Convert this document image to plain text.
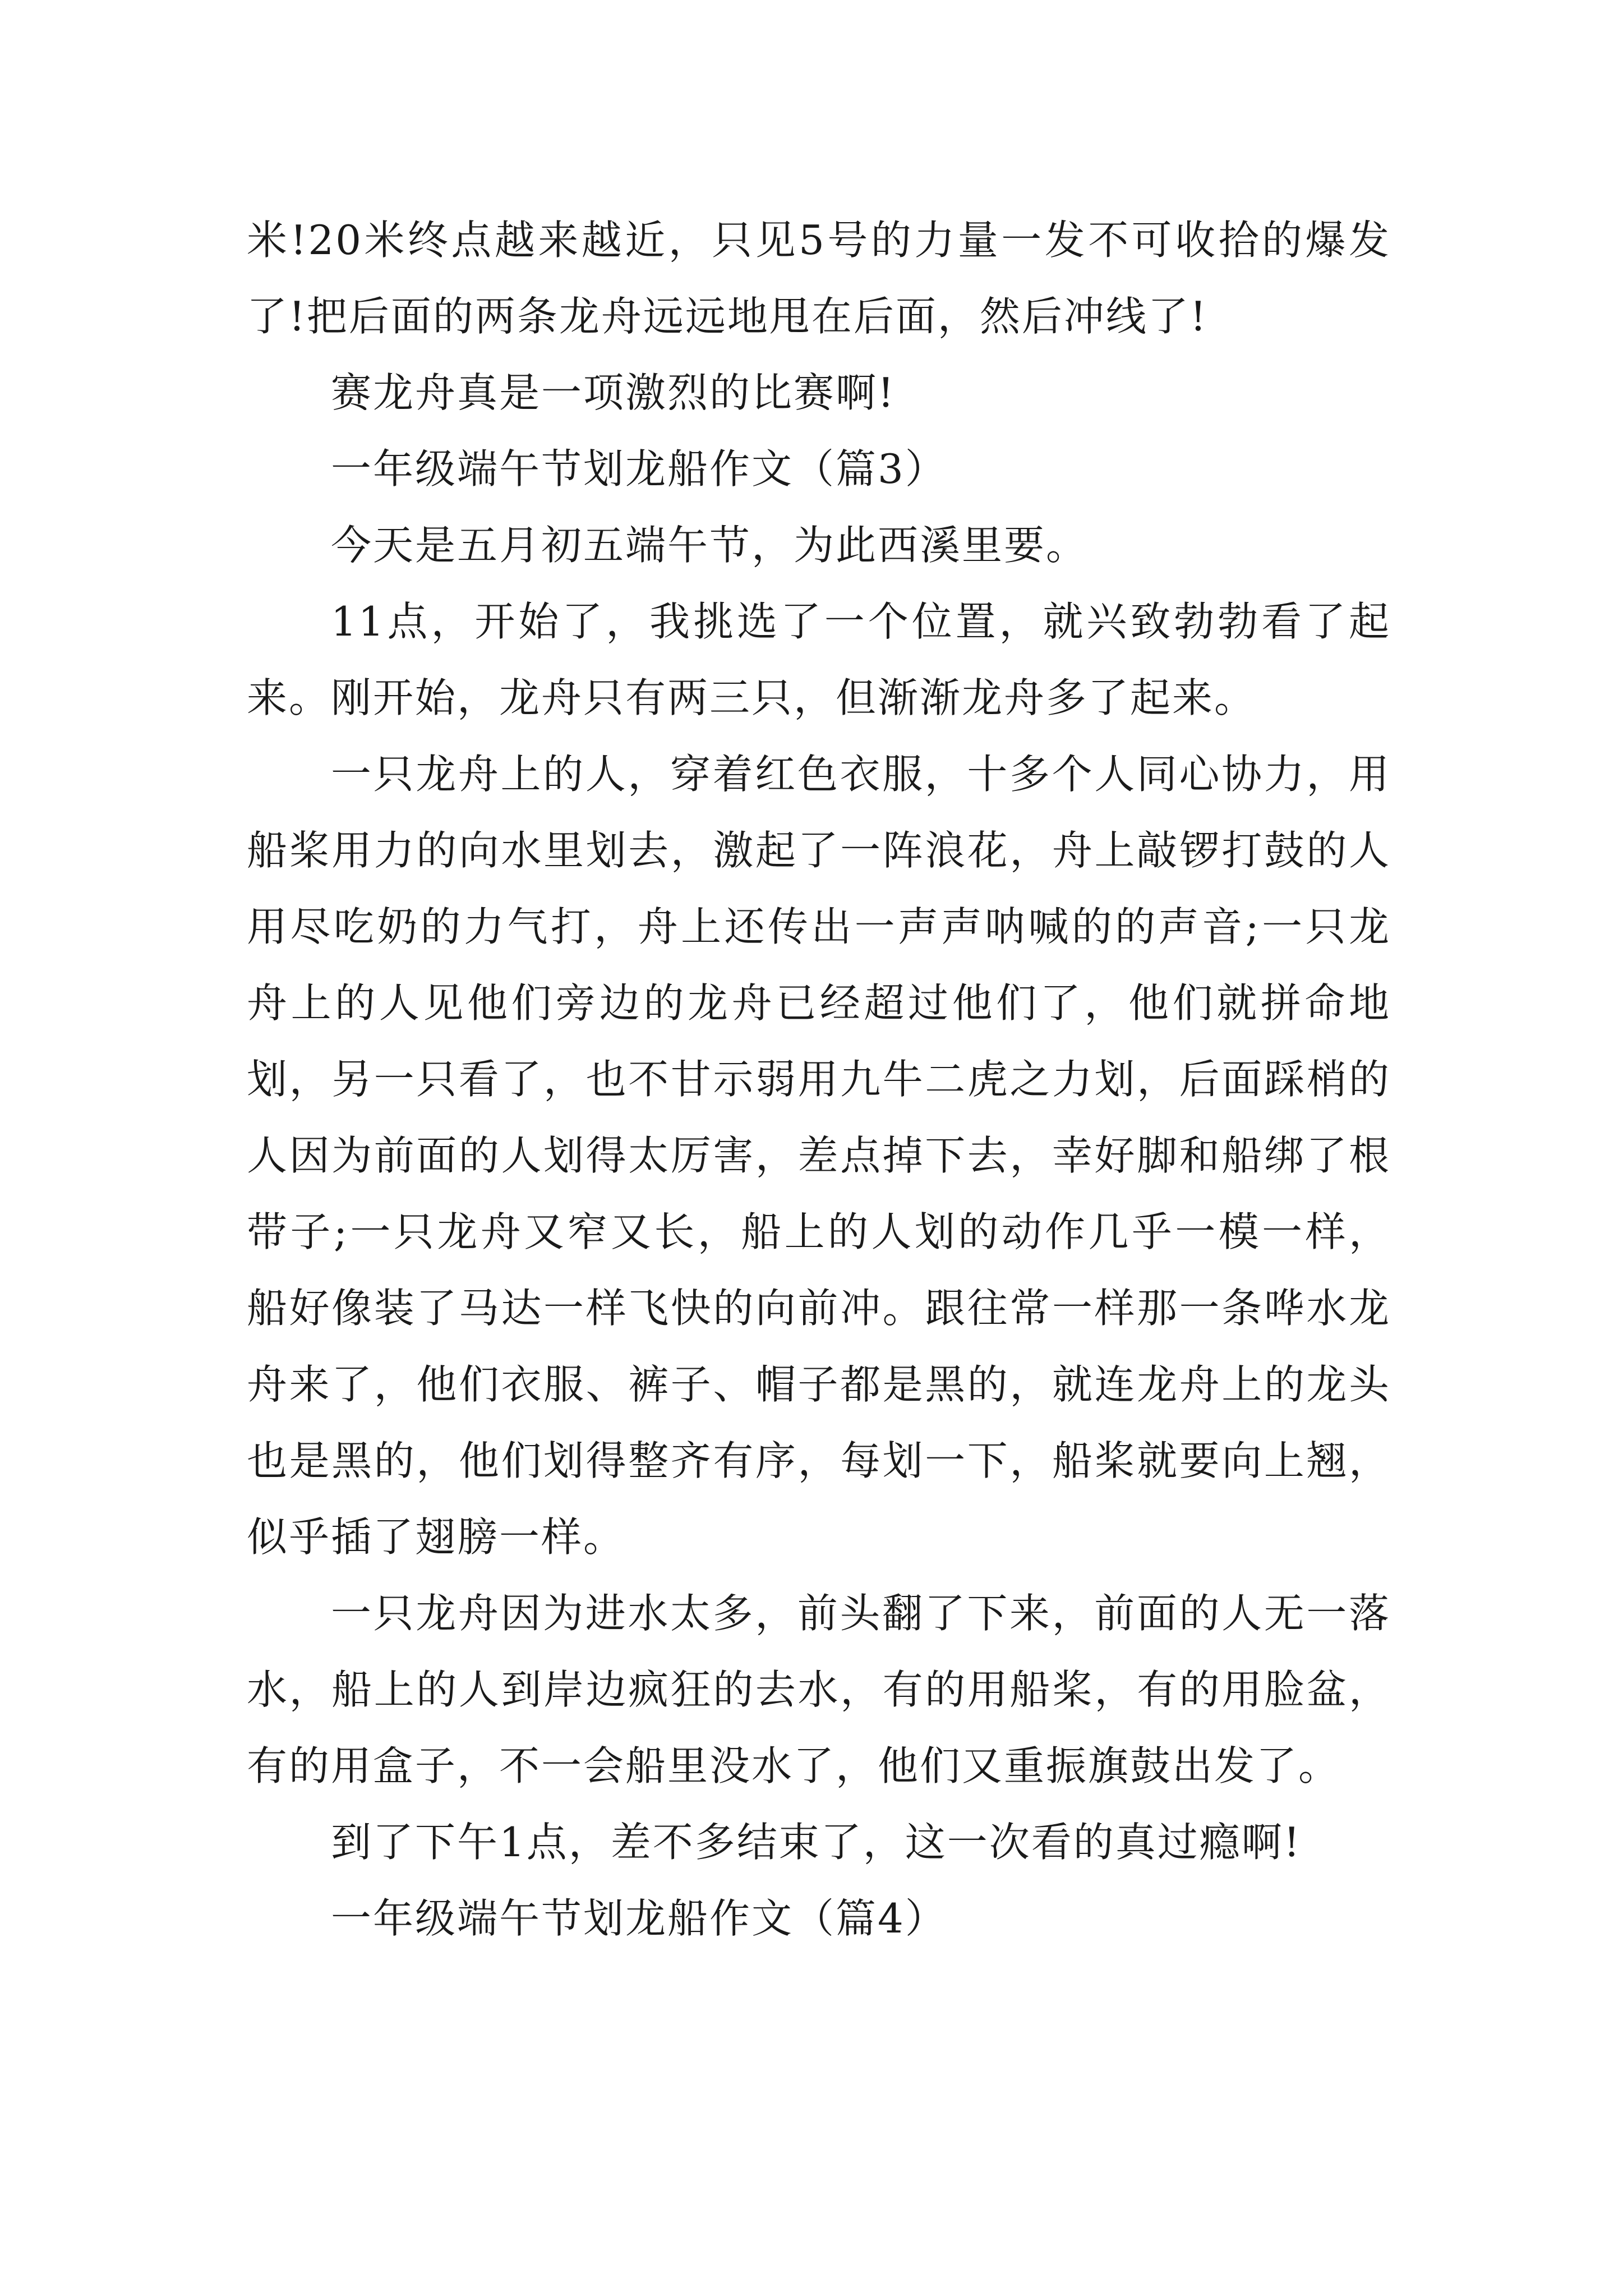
米!20米终点越来越近，只见5号的力量一发不可收拾的爆发了!把后面的两条龙舟远远地甩在后面，然后冲线了!

赛龙舟真是一项激烈的比赛啊!

一年级端午节划龙船作文（篇3）

今天是五月初五端午节，为此西溪里要。

11点，开始了，我挑选了一个位置，就兴致勃勃看了起来。刚开始，龙舟只有两三只，但渐渐龙舟多了起来。

一只龙舟上的人，穿着红色衣服，十多个人同心协力，用船桨用力的向水里划去，激起了一阵浪花，舟上敲锣打鼓的人用尽吃奶的力气打，舟上还传出一声声呐喊的的声音;一只龙舟上的人见他们旁边的龙舟已经超过他们了，他们就拼命地划，另一只看了，也不甘示弱用九牛二虎之力划，后面踩梢的人因为前面的人划得太厉害，差点掉下去，幸好脚和船绑了根带子;一只龙舟又窄又长，船上的人划的动作几乎一模一样，船好像装了马达一样飞快的向前冲。跟往常一样那一条哗水龙舟来了，他们衣服、裤子、帽子都是黑的，就连龙舟上的龙头也是黑的，他们划得整齐有序，每划一下，船桨就要向上翘，似乎插了翅膀一样。

一只龙舟因为进水太多，前头翻了下来，前面的人无一落水，船上的人到岸边疯狂的去水，有的用船桨，有的用脸盆，有的用盒子，不一会船里没水了，他们又重振旗鼓出发了。

到了下午1点，差不多结束了，这一次看的真过瘾啊!

一年级端午节划龙船作文（篇4）
